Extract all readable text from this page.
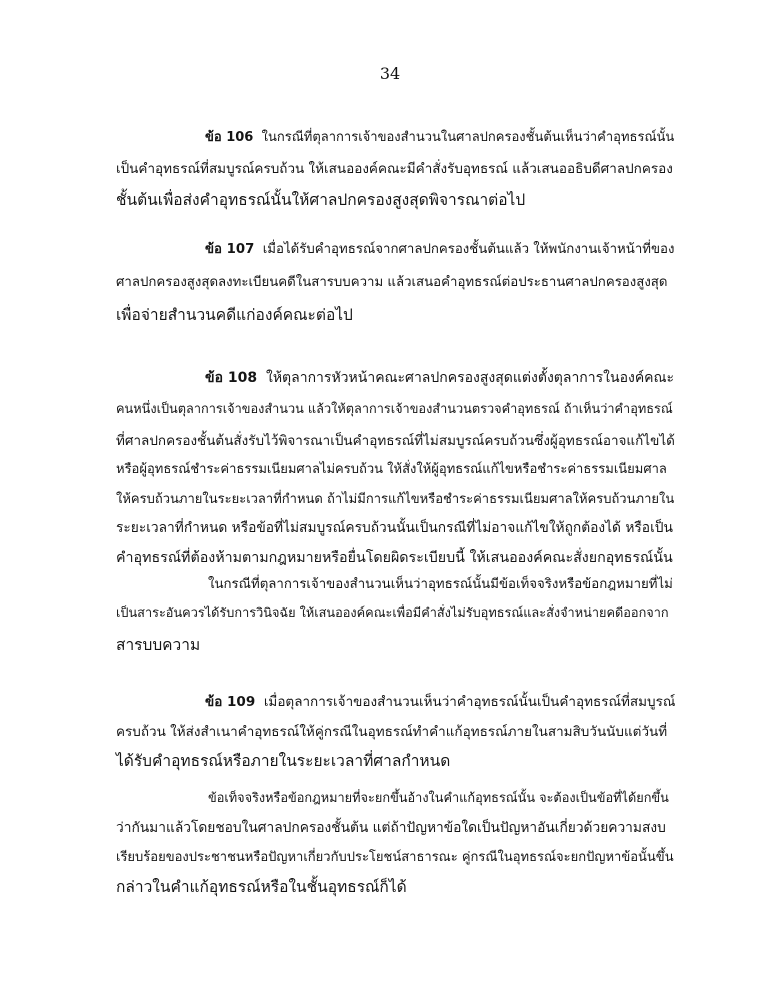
34
ข้อ 106 ในกรณีที่ตุลาการเจ้าของสำนวนในศาลปกครองชั้นต้นเห็นว่าคำอุทธรณ์นั้น
เป็นคำอุทธรณ์ที่สมบูรณ์ครบถ้วน ให้เสนอองค์คณะมีคำสั่งรับอุทธรณ์ แล้วเสนออธิบดีศาลปกครอง
ชั้นต้นเพื่อส่งคำอุทธรณ์นั้นให้ศาลปกครองสูงสุดพิจารณาต่อไป
ข้อ 107 เมื่อได้รับคำอุทธรณ์จากศาลปกครองชั้นต้นแล้ว ให้พนักงานเจ้าหน้าที่ของ
ศาลปกครองสูงสุดลงทะเบียนคดีในสารบบความ แล้วเสนอคำอุทธรณ์ต่อประธานศาลปกครองสูงสุด
เพื่อจ่ายสำนวนคดีแก่องค์คณะต่อไป
ข้อ 108 ให้ตุลาการหัวหน้าคณะศาลปกครองสูงสุดแต่งตั้งตุลาการในองค์คณะ
คนหนึ่งเป็นตุลาการเจ้าของสำนวน แล้วให้ตุลาการเจ้าของสำนวนตรวจคำอุทธรณ์ ถ้าเห็นว่าคำอุทธรณ์
ที่ศาลปกครองชั้นต้นสั่งรับไว้พิจารณาเป็นคำอุทธรณ์ที่ไม่สมบูรณ์ครบถ้วนซึ่งผู้อุทธรณ์อาจแก้ไขได้
หรือผู้อุทธรณ์ชำระค่าธรรมเนียมศาลไม่ครบถ้วน ให้สั่งให้ผู้อุทธรณ์แก้ไขหรือชำระค่าธรรมเนียมศาล
ให้ครบถ้วนภายในระยะเวลาที่กำหนด ถ้าไม่มีการแก้ไขหรือชำระค่าธรรมเนียมศาลให้ครบถ้วนภายใน
ระยะเวลาที่กำหนด หรือข้อที่ไม่สมบูรณ์ครบถ้วนนั้นเป็นกรณีที่ไม่อาจแก้ไขให้ถูกต้องได้ หรือเป็น
คำอุทธรณ์ที่ต้องห้ามตามกฎหมายหรือยื่นโดยผิดระเบียบนี้ ให้เสนอองค์คณะสั่งยกอุทธรณ์นั้น
ในกรณีที่ตุลาการเจ้าของสำนวนเห็นว่าอุทธรณ์นั้นมีข้อเท็จจริงหรือข้อกฎหมายที่ไม่
เป็นสาระอันควรได้รับการวินิจฉัย ให้เสนอองค์คณะเพื่อมีคำสั่งไม่รับอุทธรณ์และสั่งจำหน่ายคดีออกจาก
สารบบความ
ข้อ 109 เมื่อตุลาการเจ้าของสำนวนเห็นว่าคำอุทธรณ์นั้นเป็นคำอุทธรณ์ที่สมบูรณ์
ครบถ้วน ให้ส่งสำเนาคำอุทธรณ์ให้คู่กรณีในอุทธรณ์ทำคำแก้อุทธรณ์ภายในสามสิบวันนับแต่วันที่
ได้รับคำอุทธรณ์หรือภายในระยะเวลาที่ศาลกำหนด
ข้อเท็จจริงหรือข้อกฎหมายที่จะยกขึ้นอ้างในคำแก้อุทธรณ์นั้น จะต้องเป็นข้อที่ได้ยกขึ้น
ว่ากันมาแล้วโดยชอบในศาลปกครองชั้นต้น แต่ถ้าปัญหาข้อใดเป็นปัญหาอันเกี่ยวด้วยความสงบ
เรียบร้อยของประชาชนหรือปัญหาเกี่ยวกับประโยชน์สาธารณะ คู่กรณีในอุทธรณ์จะยกปัญหาข้อนั้นขึ้น
กล่าวในคำแก้อุทธรณ์หรือในชั้นอุทธรณ์ก็ได้
